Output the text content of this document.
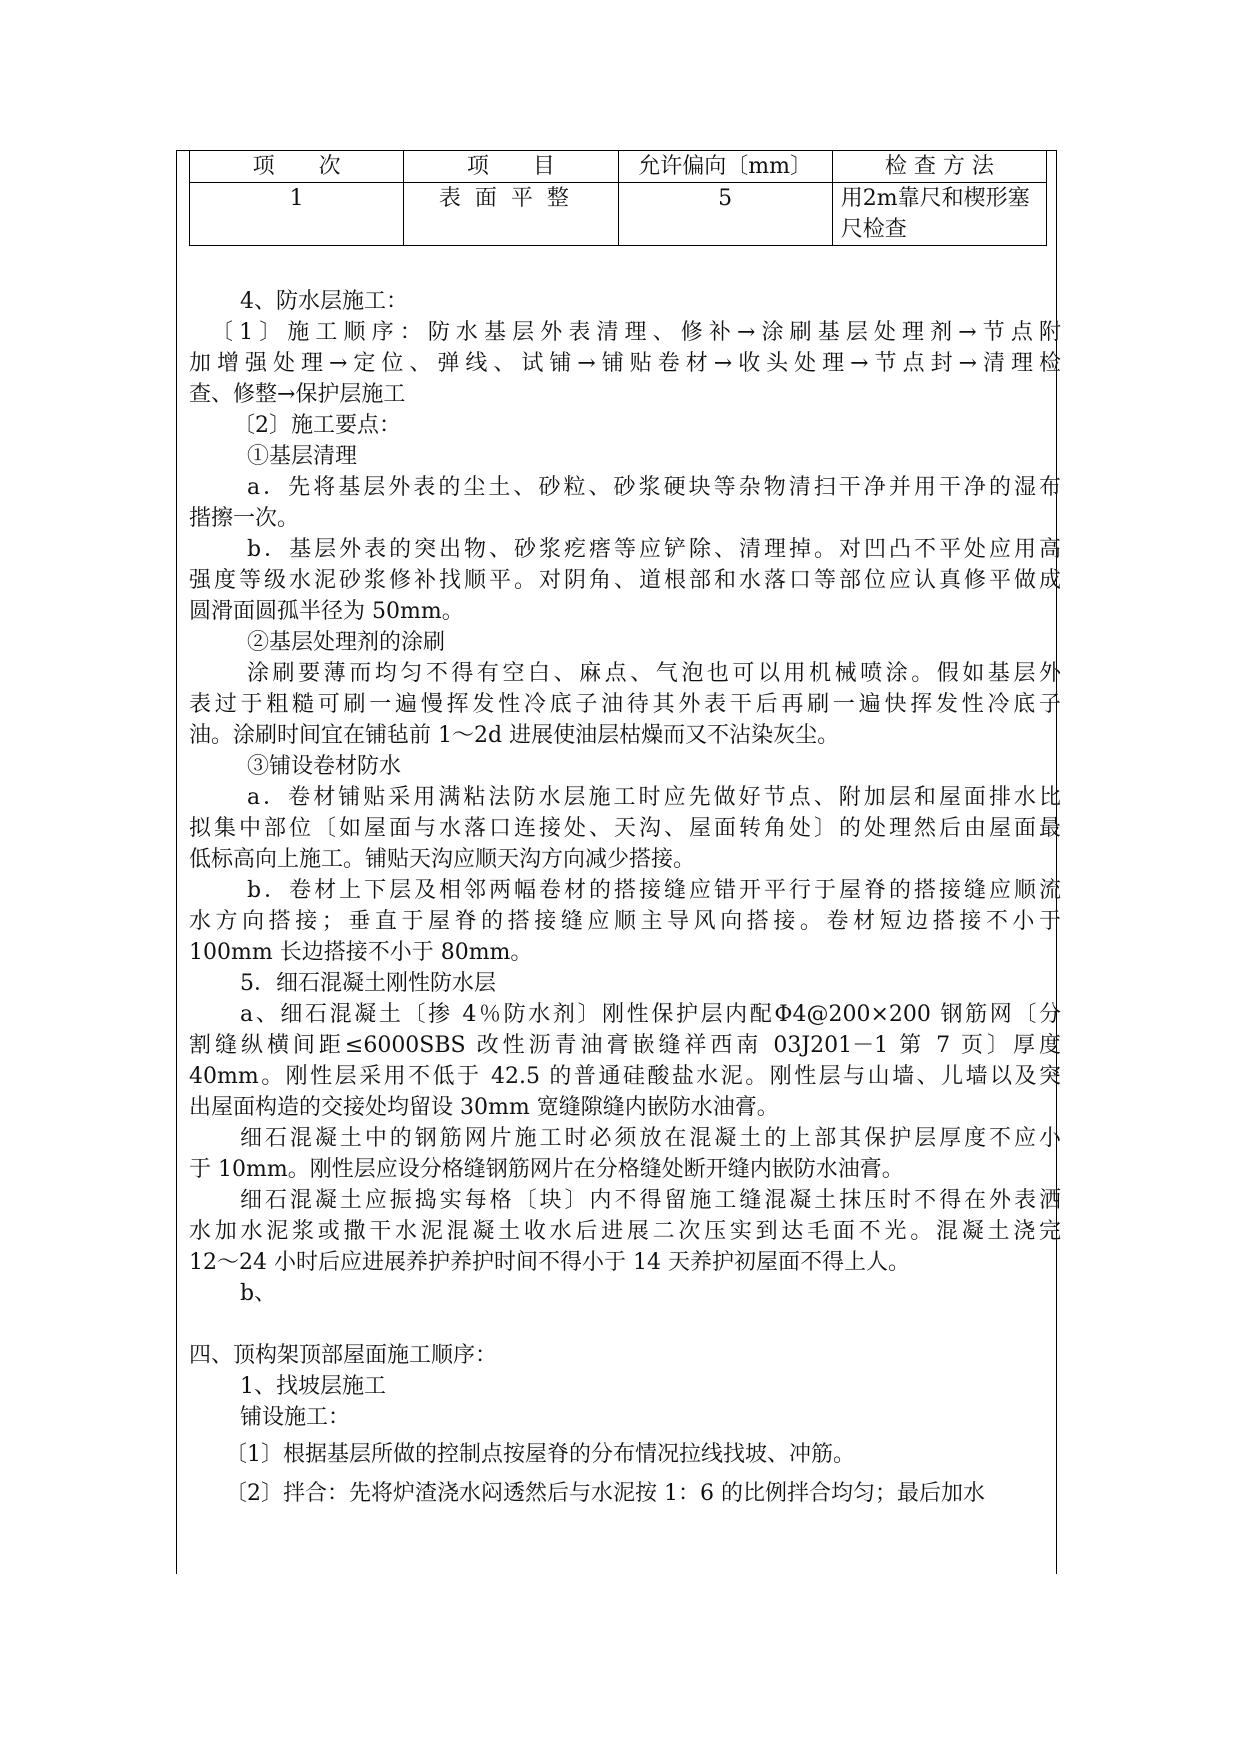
项　　次	项　　目	允许偏向〔mm〕	检 查 方 法
1	表面平整	5	用2m靠尺和楔形塞尺检查
4、防水层施工：
〔1〕施工顺序：防水基层外表清理、修补→涂刷基层处理剂→节点附
加增强处理→定位、弹线、试铺→铺贴卷材→收头处理→节点封→清理检
查、修整→保护层施工
〔2〕施工要点：
①基层清理
a．先将基层外表的尘土、砂粒、砂浆硬块等杂物清扫干净并用干净的湿布
揩擦一次。
b．基层外表的突出物、砂浆疙瘩等应铲除、清理掉。对凹凸不平处应用高
强度等级水泥砂浆修补找顺平。对阴角、道根部和水落口等部位应认真修平做成
圆滑面圆孤半径为 50mm。
②基层处理剂的涂刷
涂刷要薄而均匀不得有空白、麻点、气泡也可以用机械喷涂。假如基层外
表过于粗糙可刷一遍慢挥发性冷底子油待其外表干后再刷一遍快挥发性冷底子
油。涂刷时间宜在铺毡前 1～2d 进展使油层枯燥而又不沾染灰尘。
③铺设卷材防水
a．卷材铺贴采用满粘法防水层施工时应先做好节点、附加层和屋面排水比
拟集中部位〔如屋面与水落口连接处、天沟、屋面转角处〕的处理然后由屋面最
低标高向上施工。铺贴天沟应顺天沟方向减少搭接。
b．卷材上下层及相邻两幅卷材的搭接缝应错开平行于屋脊的搭接缝应顺流
水方向搭接；垂直于屋脊的搭接缝应顺主导风向搭接。卷材短边搭接不小于
100mm 长边搭接不小于 80mm。
5．细石混凝土刚性防水层
a、细石混凝土〔掺 4％防水剂〕刚性保护层内配Φ4@200×200 钢筋网〔分
割缝纵横间距≤6000SBS 改性沥青油膏嵌缝祥西南 03J201－1 第 7 页〕厚度
40mm。刚性层采用不低于 42.5 的普通硅酸盐水泥。刚性层与山墙、儿墙以及突
出屋面构造的交接处均留设 30mm 宽缝隙缝内嵌防水油膏。
细石混凝土中的钢筋网片施工时必须放在混凝土的上部其保护层厚度不应小
于 10mm。刚性层应设分格缝钢筋网片在分格缝处断开缝内嵌防水油膏。
细石混凝土应振捣实每格〔块〕内不得留施工缝混凝土抹压时不得在外表洒
水加水泥浆或撒干水泥混凝土收水后进展二次压实到达毛面不光。混凝土浇完
12～24 小时后应进展养护养护时间不得小于 14 天养护初屋面不得上人。
b、
四、顶构架顶部屋面施工顺序：
1、找坡层施工
铺设施工：
〔1〕根据基层所做的控制点按屋脊的分布情况拉线找坡、冲筋。
〔2〕拌合：先将炉渣浇水闷透然后与水泥按 1：6 的比例拌合均匀；最后加水
